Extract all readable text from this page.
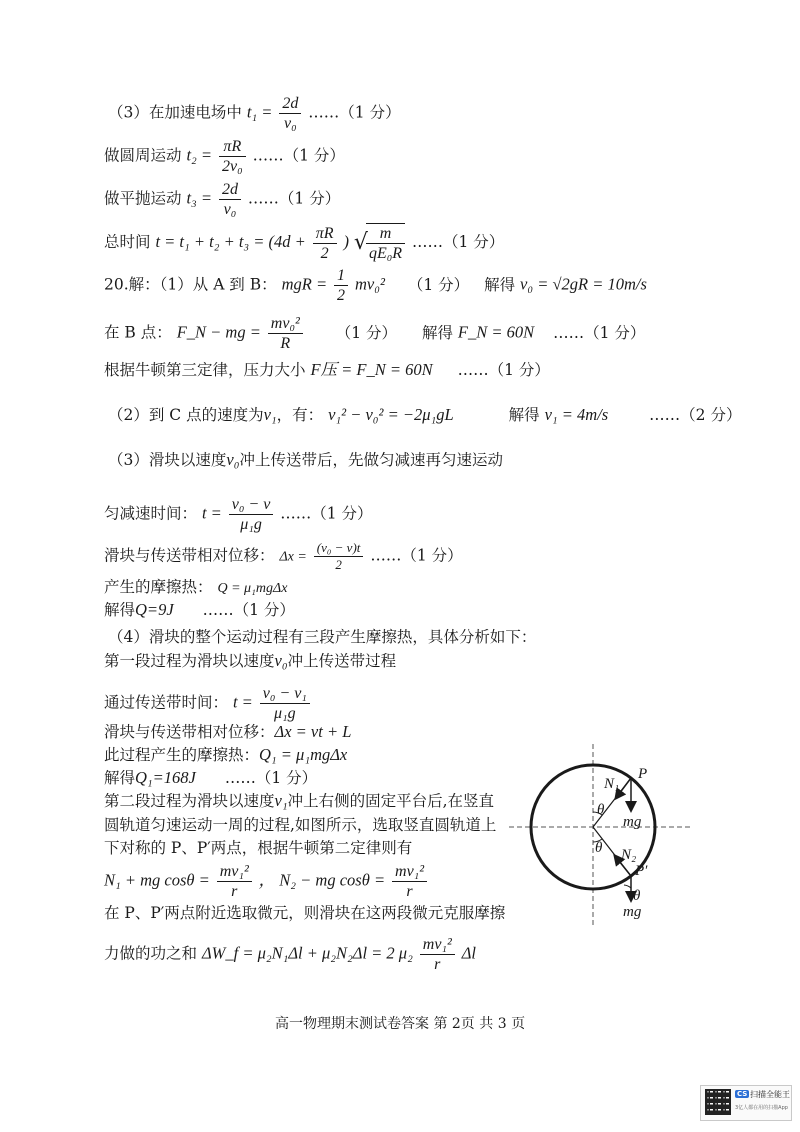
（3）在加速电场中 $t_1 = \frac{2d}{\text{v₀}}$ ……（1 分）
做圆周运动 $t_2 = \frac{\pi R}{\text{2v₀}}$ ……（1 分）
做平抛运动 $t_3 = \frac{2d}{\text{v₀}}$ ……（1 分）
总时间 $t = t_1 + t_2 + t_3 = (4d + \frac{\pi R}{2}$ ) √
$\frac{m}{\text{qE₀R}}$ ……（1 分）
20.解：（1）从 A 到 B： mgR = $\frac{1}{2} mv_0^2$ （1 分） 解得 v₀ = √2gR = 10m/s
在 B 点： F_N − mg = $\frac{\text{mv₀²}}{R} (1$ 分） 解得 F_N = 60N ……（1 分）
根据牛顿第三定律，压力大小 F压 = F_N = 60N ……（1 分）
（2）到 C 点的速度为v₁，有： v₁² − v₀² = −2μ₁gL	解得 v₁ = 4m/s	……（2 分）
（3）滑块以速度v₀冲上传送带后，先做匀减速再匀速运动
匀减速时间： $t = \frac{\text{v₀ − v}}{\text{μ₁g}}$ ……（1 分）
滑块与传送带相对位移： $\Delta x = \frac{\text{(v₀ − v)t}}{2}$ ……（1 分）
产生的摩擦热： Q = μ₁mgΔx
解得Q=9J ……（1 分）
（4）滑块的整个运动过程有三段产生摩擦热，具体分析如下：
第一段过程为滑块以速度v₀冲上传送带过程
通过传送带时间： $t = \frac{\text{v₀ − v₁}}{\text{μ₁g}}$
滑块与传送带相对位移：Δx = vt + L
此过程产生的摩擦热：Q₁ = μ₁mgΔx
解得Q₁=168J ……（1 分）
第二段过程为滑块以速度v₁冲上右侧的固定平台后,在竖直
圆轨道匀速运动一周的过程,如图所示，选取竖直圆轨道上
下对称的 P、P′两点，根据牛顿第二定律则有
N₁ + mg $\cos\theta = \frac{\text{mv₁²}}{r}$ ， N₂ − mg $\cos\theta = \frac{\text{mv₁²}}{r}$
在 P、P′两点附近选取微元，则滑块在这两段微元克服摩擦
力做的功之和 ΔW_f = μ₂N₁Δl + μ₂N₂Δl = 2 $\mu_2 \frac{\text{mv₁²}}{r}$ Δl
P
N₁
mg
θ
θ N₂
P′
θ
mg
高一物理期末测试卷答案 第 2页 共 3 页
CS 扫描全能王
3亿人都在用的扫描App
